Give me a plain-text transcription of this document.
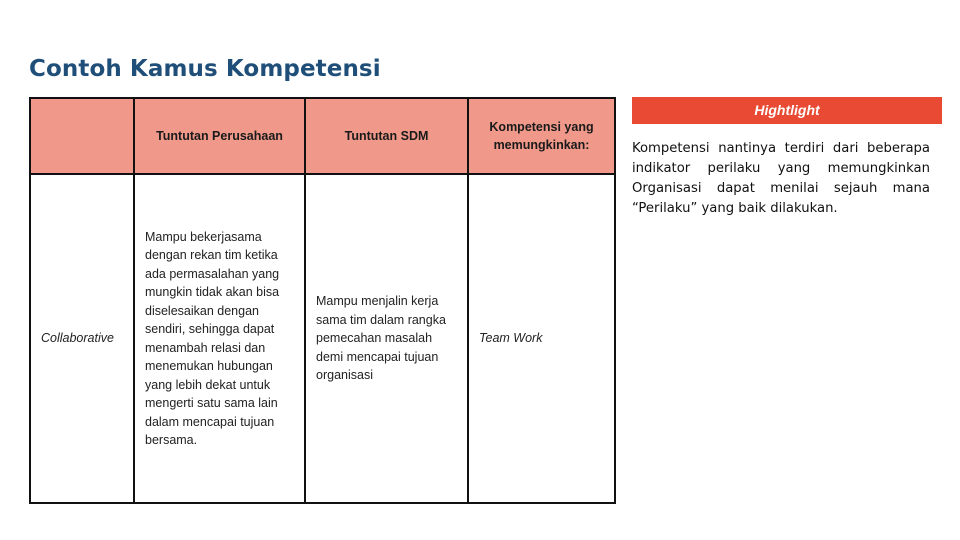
Contoh Kamus Kompetensi
	Tuntutan Perusahaan	Tuntutan SDM	Kompetensi yang memungkinkan:
Collaborative	Mampu bekerjasama dengan rekan tim ketika ada permasalahan yang mungkin tidak akan bisa diselesaikan dengan sendiri, sehingga dapat menambah relasi dan menemukan hubungan yang lebih dekat untuk mengerti satu sama lain dalam mencapai tujuan bersama.	Mampu menjalin kerja sama tim dalam rangka pemecahan masalah demi mencapai tujuan organisasi	Team Work
Hightlight

Kompetensi nantinya terdiri dari beberapa indikator perilaku yang memungkinkan Organisasi dapat menilai sejauh mana “Perilaku” yang baik dilakukan.
